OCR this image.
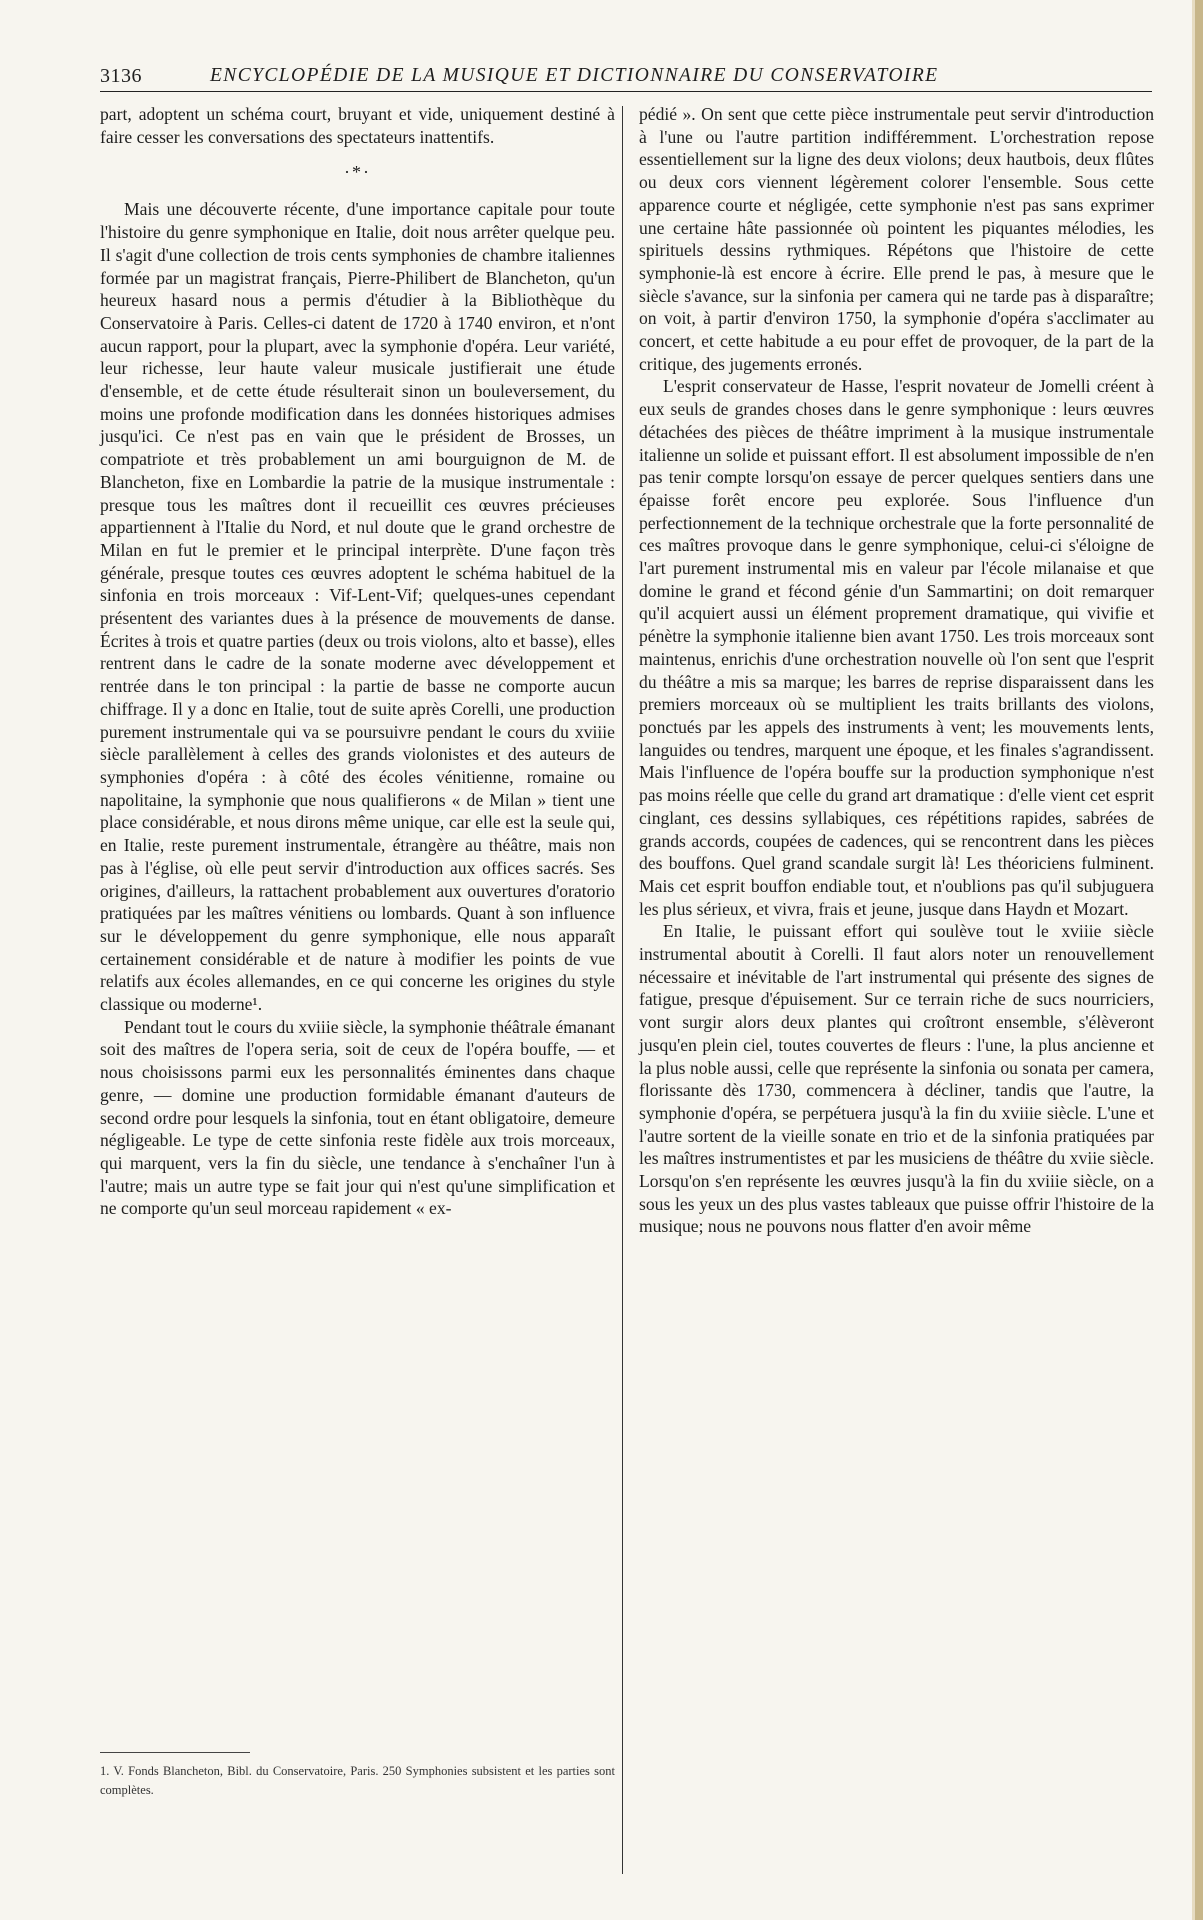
3136	ENCYCLOPÉDIE DE LA MUSIQUE ET DICTIONNAIRE DU CONSERVATOIRE

part, adoptent un schéma court, bruyant et vide, uniquement destiné à faire cesser les conversations des spectateurs inattentifs.

·*·

Mais une découverte récente, d'une importance capitale pour toute l'histoire du genre symphonique en Italie, doit nous arrêter quelque peu. Il s'agit d'une collection de trois cents symphonies de chambre italiennes formée par un magistrat français, Pierre-Philibert de Blancheton, qu'un heureux hasard nous a permis d'étudier à la Bibliothèque du Conservatoire à Paris. Celles-ci datent de 1720 à 1740 environ, et n'ont aucun rapport, pour la plupart, avec la symphonie d'opéra. Leur variété, leur richesse, leur haute valeur musicale justifierait une étude d'ensemble, et de cette étude résulterait sinon un bouleversement, du moins une profonde modification dans les données historiques admises jusqu'ici. Ce n'est pas en vain que le président de Brosses, un compatriote et très probablement un ami bourguignon de M. de Blancheton, fixe en Lombardie la patrie de la musique instrumentale : presque tous les maîtres dont il recueillit ces œuvres précieuses appartiennent à l'Italie du Nord, et nul doute que le grand orchestre de Milan en fut le premier et le principal interprète. D'une façon très générale, presque toutes ces œuvres adoptent le schéma habituel de la sinfonia en trois morceaux : Vif-Lent-Vif; quelques-unes cependant présentent des variantes dues à la présence de mouvements de danse. Écrites à trois et quatre parties (deux ou trois violons, alto et basse), elles rentrent dans le cadre de la sonate moderne avec développement et rentrée dans le ton principal : la partie de basse ne comporte aucun chiffrage. Il y a donc en Italie, tout de suite après Corelli, une production purement instrumentale qui va se poursuivre pendant le cours du xviiie siècle parallèlement à celles des grands violonistes et des auteurs de symphonies d'opéra : à côté des écoles vénitienne, romaine ou napolitaine, la symphonie que nous qualifierons « de Milan » tient une place considérable, et nous dirons même unique, car elle est la seule qui, en Italie, reste purement instrumentale, étrangère au théâtre, mais non pas à l'église, où elle peut servir d'introduction aux offices sacrés. Ses origines, d'ailleurs, la rattachent probablement aux ouvertures d'oratorio pratiquées par les maîtres vénitiens ou lombards. Quant à son influence sur le développement du genre symphonique, elle nous apparaît certainement considérable et de nature à modifier les points de vue relatifs aux écoles allemandes, en ce qui concerne les origines du style classique ou moderne¹.

Pendant tout le cours du xviiie siècle, la symphonie théâtrale émanant soit des maîtres de l'opera seria, soit de ceux de l'opéra bouffe, — et nous choisissons parmi eux les personnalités éminentes dans chaque genre, — domine une production formidable émanant d'auteurs de second ordre pour lesquels la sinfonia, tout en étant obligatoire, demeure négligeable. Le type de cette sinfonia reste fidèle aux trois morceaux, qui marquent, vers la fin du siècle, une tendance à s'enchaîner l'un à l'autre; mais un autre type se fait jour qui n'est qu'une simplification et ne comporte qu'un seul morceau rapidement « ex-

pédié ». On sent que cette pièce instrumentale peut servir d'introduction à l'une ou l'autre partition indifféremment. L'orchestration repose essentiellement sur la ligne des deux violons; deux hautbois, deux flûtes ou deux cors viennent légèrement colorer l'ensemble. Sous cette apparence courte et négligée, cette symphonie n'est pas sans exprimer une certaine hâte passionnée où pointent les piquantes mélodies, les spirituels dessins rythmiques. Répétons que l'histoire de cette symphonie-là est encore à écrire. Elle prend le pas, à mesure que le siècle s'avance, sur la sinfonia per camera qui ne tarde pas à disparaître; on voit, à partir d'environ 1750, la symphonie d'opéra s'acclimater au concert, et cette habitude a eu pour effet de provoquer, de la part de la critique, des jugements erronés.

L'esprit conservateur de Hasse, l'esprit novateur de Jomelli créent à eux seuls de grandes choses dans le genre symphonique : leurs œuvres détachées des pièces de théâtre impriment à la musique instrumentale italienne un solide et puissant effort. Il est absolument impossible de n'en pas tenir compte lorsqu'on essaye de percer quelques sentiers dans une épaisse forêt encore peu explorée. Sous l'influence d'un perfectionnement de la technique orchestrale que la forte personnalité de ces maîtres provoque dans le genre symphonique, celui-ci s'éloigne de l'art purement instrumental mis en valeur par l'école milanaise et que domine le grand et fécond génie d'un Sammartini; on doit remarquer qu'il acquiert aussi un élément proprement dramatique, qui vivifie et pénètre la symphonie italienne bien avant 1750. Les trois morceaux sont maintenus, enrichis d'une orchestration nouvelle où l'on sent que l'esprit du théâtre a mis sa marque; les barres de reprise disparaissent dans les premiers morceaux où se multiplient les traits brillants des violons, ponctués par les appels des instruments à vent; les mouvements lents, languides ou tendres, marquent une époque, et les finales s'agrandissent. Mais l'influence de l'opéra bouffe sur la production symphonique n'est pas moins réelle que celle du grand art dramatique : d'elle vient cet esprit cinglant, ces dessins syllabiques, ces répétitions rapides, sabrées de grands accords, coupées de cadences, qui se rencontrent dans les pièces des bouffons. Quel grand scandale surgit là! Les théoriciens fulminent. Mais cet esprit bouffon endiable tout, et n'oublions pas qu'il subjuguera les plus sérieux, et vivra, frais et jeune, jusque dans Haydn et Mozart.

En Italie, le puissant effort qui soulève tout le xviiie siècle instrumental aboutit à Corelli. Il faut alors noter un renouvellement nécessaire et inévitable de l'art instrumental qui présente des signes de fatigue, presque d'épuisement. Sur ce terrain riche de sucs nourriciers, vont surgir alors deux plantes qui croîtront ensemble, s'élèveront jusqu'en plein ciel, toutes couvertes de fleurs : l'une, la plus ancienne et la plus noble aussi, celle que représente la sinfonia ou sonata per camera, florissante dès 1730, commencera à décliner, tandis que l'autre, la symphonie d'opéra, se perpétuera jusqu'à la fin du xviiie siècle. L'une et l'autre sortent de la vieille sonate en trio et de la sinfonia pratiquées par les maîtres instrumentistes et par les musiciens de théâtre du xviie siècle. Lorsqu'on s'en représente les œuvres jusqu'à la fin du xviiie siècle, on a sous les yeux un des plus vastes tableaux que puisse offrir l'histoire de la musique; nous ne pouvons nous flatter d'en avoir même

1. V. Fonds Blancheton, Bibl. du Conservatoire, Paris. 250 Symphonies subsistent et les parties sont complètes.
